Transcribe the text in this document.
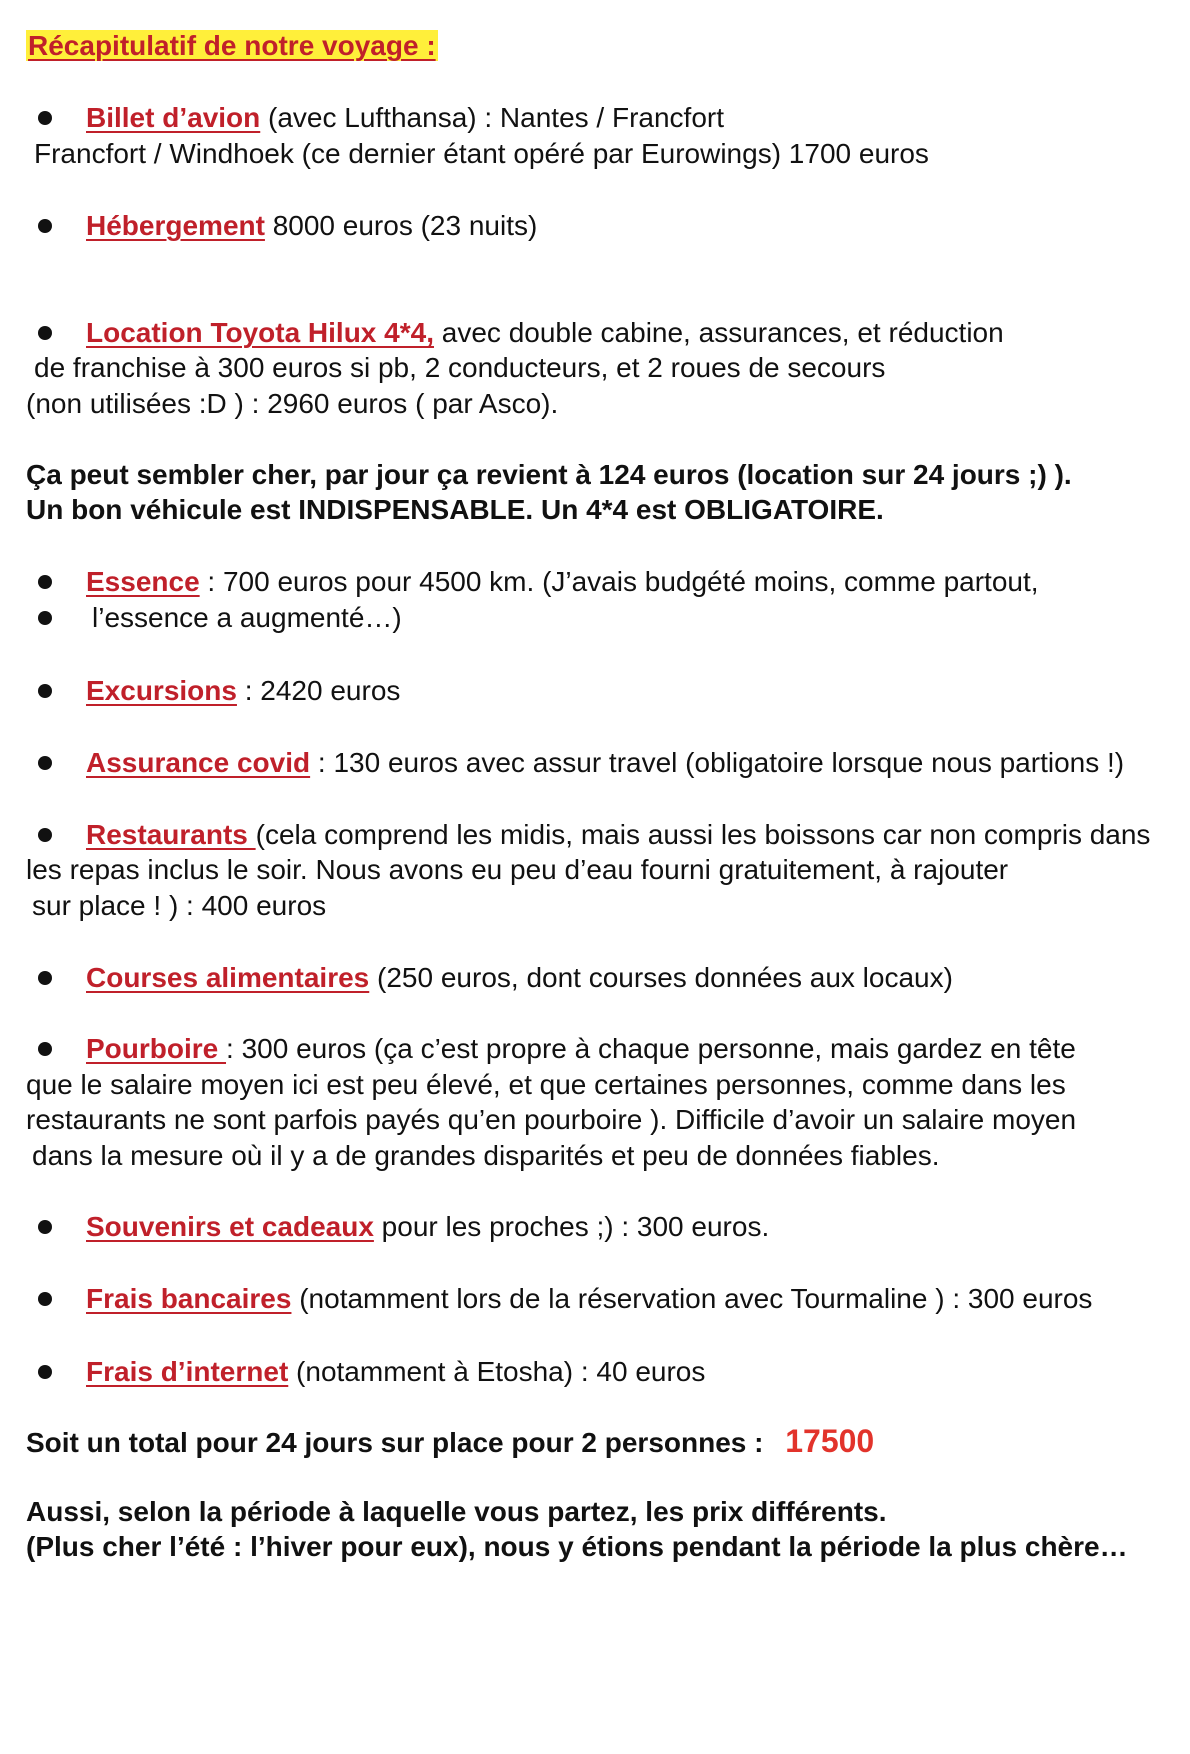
Récapitulatif de notre voyage :
Billet d’avion (avec Lufthansa) : Nantes / Francfort
Francfort / Windhoek (ce dernier étant opéré par Eurowings) 1700 euros
Hébergement 8000 euros (23 nuits)
Location Toyota Hilux 4*4, avec double cabine, assurances, et réduction
de franchise à 300 euros si pb, 2 conducteurs, et 2 roues de secours
(non utilisées :D ) : 2960 euros ( par Asco).
Ça peut sembler cher, par jour ça revient à 124 euros (location sur 24 jours ;) ).
Un bon véhicule est INDISPENSABLE. Un 4*4 est OBLIGATOIRE.
Essence : 700 euros pour 4500 km. (J’avais budgété moins, comme partout,
l’essence a augmenté…)
Excursions : 2420 euros
Assurance covid : 130 euros avec assur travel (obligatoire lorsque nous partions !)
Restaurants (cela comprend les midis, mais aussi les boissons car non compris dans
les repas inclus le soir. Nous avons eu peu d’eau fourni gratuitement, à rajouter
sur place ! ) : 400 euros
Courses alimentaires (250 euros, dont courses données aux locaux)
Pourboire : 300 euros (ça c’est propre à chaque personne, mais gardez en tête
que le salaire moyen ici est peu élevé, et que certaines personnes, comme dans les
restaurants ne sont parfois payés qu’en pourboire ). Difficile d’avoir un salaire moyen
dans la mesure où il y a de grandes disparités et peu de données fiables.
Souvenirs et cadeaux pour les proches ;) : 300 euros.
Frais bancaires (notamment lors de la réservation avec Tourmaline ) : 300 euros
Frais d’internet (notamment à Etosha) : 40 euros
Soit un total pour 24 jours sur place pour 2 personnes : 17500
Aussi, selon la période à laquelle vous partez, les prix différents.
(Plus cher l’été : l’hiver pour eux), nous y étions pendant la période la plus chère…
